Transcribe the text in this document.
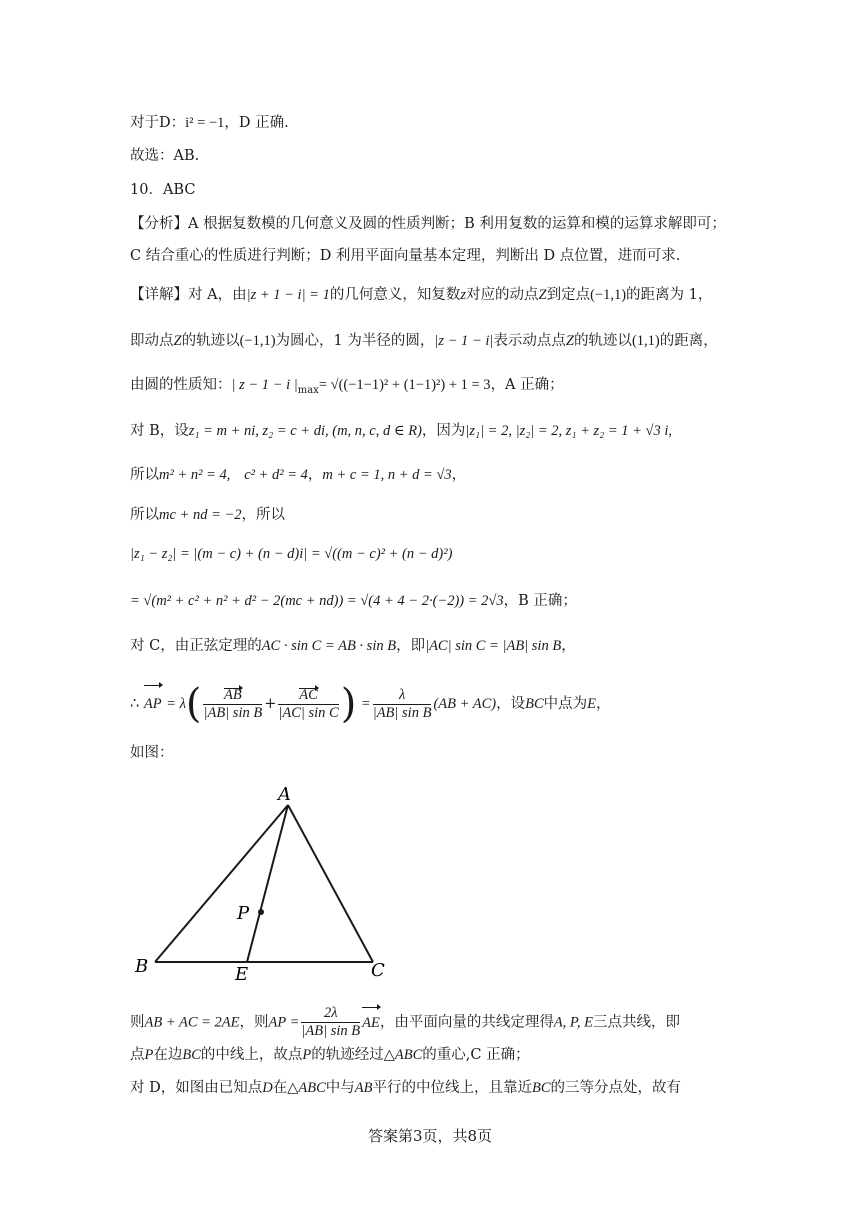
对于D：i² = −1，D 正确.
故选：AB.
10．ABC
【分析】A 根据复数模的几何意义及圆的性质判断；B 利用复数的运算和模的运算求解即可；
C 结合重心的性质进行判断；D 利用平面向量基本定理，判断出 D 点位置，进而可求.
【详解】对 A，由|z + 1 − i| = 1的几何意义，知复数z对应的动点Z到定点(−1,1)的距离为 1，
即动点Z的轨迹以(−1,1)为圆心，1 为半径的圆，|z − 1 − i|表示动点点Z的轨迹以(1,1)的距离，
由圆的性质知：| z − 1 − i $|_{max}= √((-1-1)^2 + (1-1)^2) + 1 = 3$，A 正确；
对 B，设z₁ = m + ni, z₂ = c + di, (m, n, c, d ∈ R)，因为|z₁| = 2, |z₂| = 2, z₁ + z₂ = 1 + √3 i,
所以m² + n² = 4, c² + d² = 4，m + c = 1, n + d = √3，
所以mc + nd = −2，所以
|z₁ − z₂| = |(m − c) + (n − d)i| = √((m − c)² + (n − d)²)
= √(m² + c² + n² + d² − 2(mc + nd)) = √(4 + 4 − 2·(−2)) = 2√3，B 正确；
对 C，由正弦定理的AC · sin C = AB · sin B，即|AC| sin C = |AB| sin B，
∴ AP = $\lambda( \frac{AB}{\text{|AB| sin B}} + \frac{AC}{\text{|AC| sin C}}$ ) = $\frac{\lambda}{\text{|AB| sin B}} (AB + AC)$，设BC中点为E，
如图：
A
B	C
P
E
则AB + AC = 2AE，则AP = $\frac{2\lambda}{\text{|AB| sin B}}$ AE，由平面向量的共线定理得A, P, E三点共线，即
点P在边BC的中线上，故点P的轨迹经过△ABC的重心,C 正确；
对 D，如图由已知点D在△ABC中与AB平行的中位线上，且靠近BC的三等分点处，故有
答案第3页，共8页
